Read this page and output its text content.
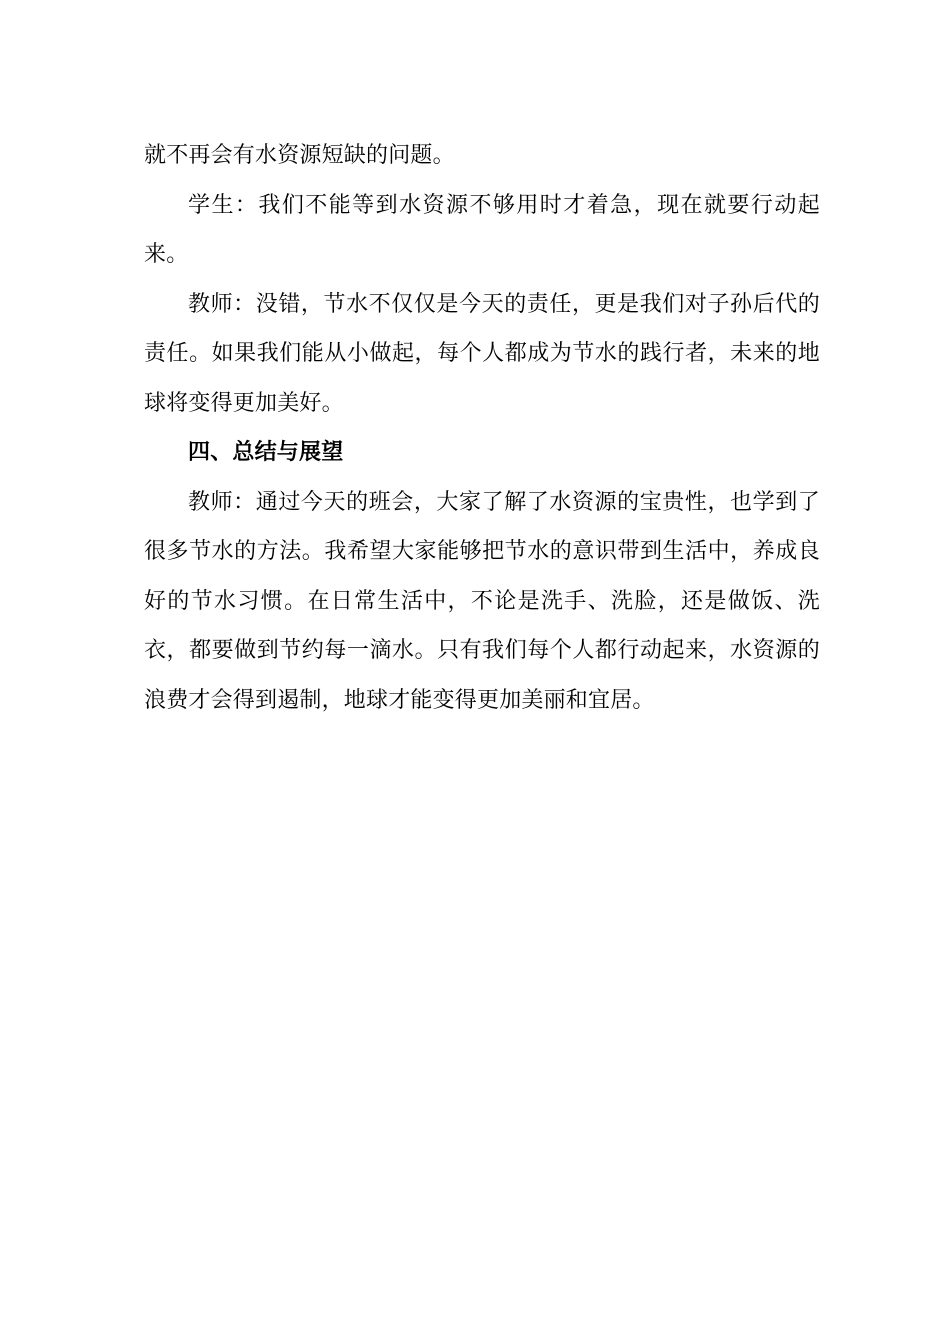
就不再会有水资源短缺的问题。

学生：我们不能等到水资源不够用时才着急，现在就要行动起来。

教师：没错，节水不仅仅是今天的责任，更是我们对子孙后代的责任。如果我们能从小做起，每个人都成为节水的践行者，未来的地球将变得更加美好。

四、总结与展望

教师：通过今天的班会，大家了解了水资源的宝贵性，也学到了很多节水的方法。我希望大家能够把节水的意识带到生活中，养成良好的节水习惯。在日常生活中，不论是洗手、洗脸，还是做饭、洗衣，都要做到节约每一滴水。只有我们每个人都行动起来，水资源的浪费才会得到遏制，地球才能变得更加美丽和宜居。
